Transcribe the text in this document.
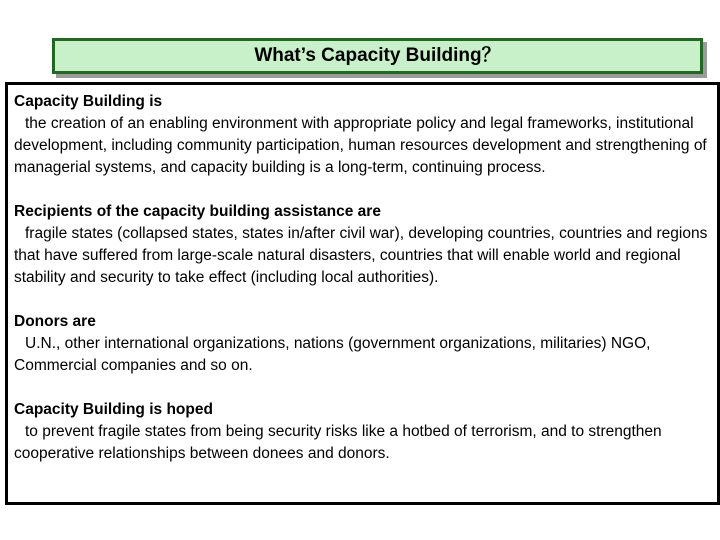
What’s Capacity Building？
Capacity Building is
the creation of an enabling environment with appropriate policy and legal frameworks, institutional development, including community participation, human resources development and strengthening of managerial systems, and capacity building is a long-term, continuing process.
Recipients of the capacity building assistance are
fragile states (collapsed states, states in/after civil war), developing countries, countries and regions that have suffered from large-scale natural disasters, countries that will enable world and regional stability and security to take effect (including local authorities).
Donors are
U.N., other international organizations, nations (government organizations, militaries) NGO, Commercial companies and so on.
Capacity Building is hoped
to prevent fragile states from being security risks like a hotbed of terrorism, and to strengthen cooperative relationships between donees and donors.
